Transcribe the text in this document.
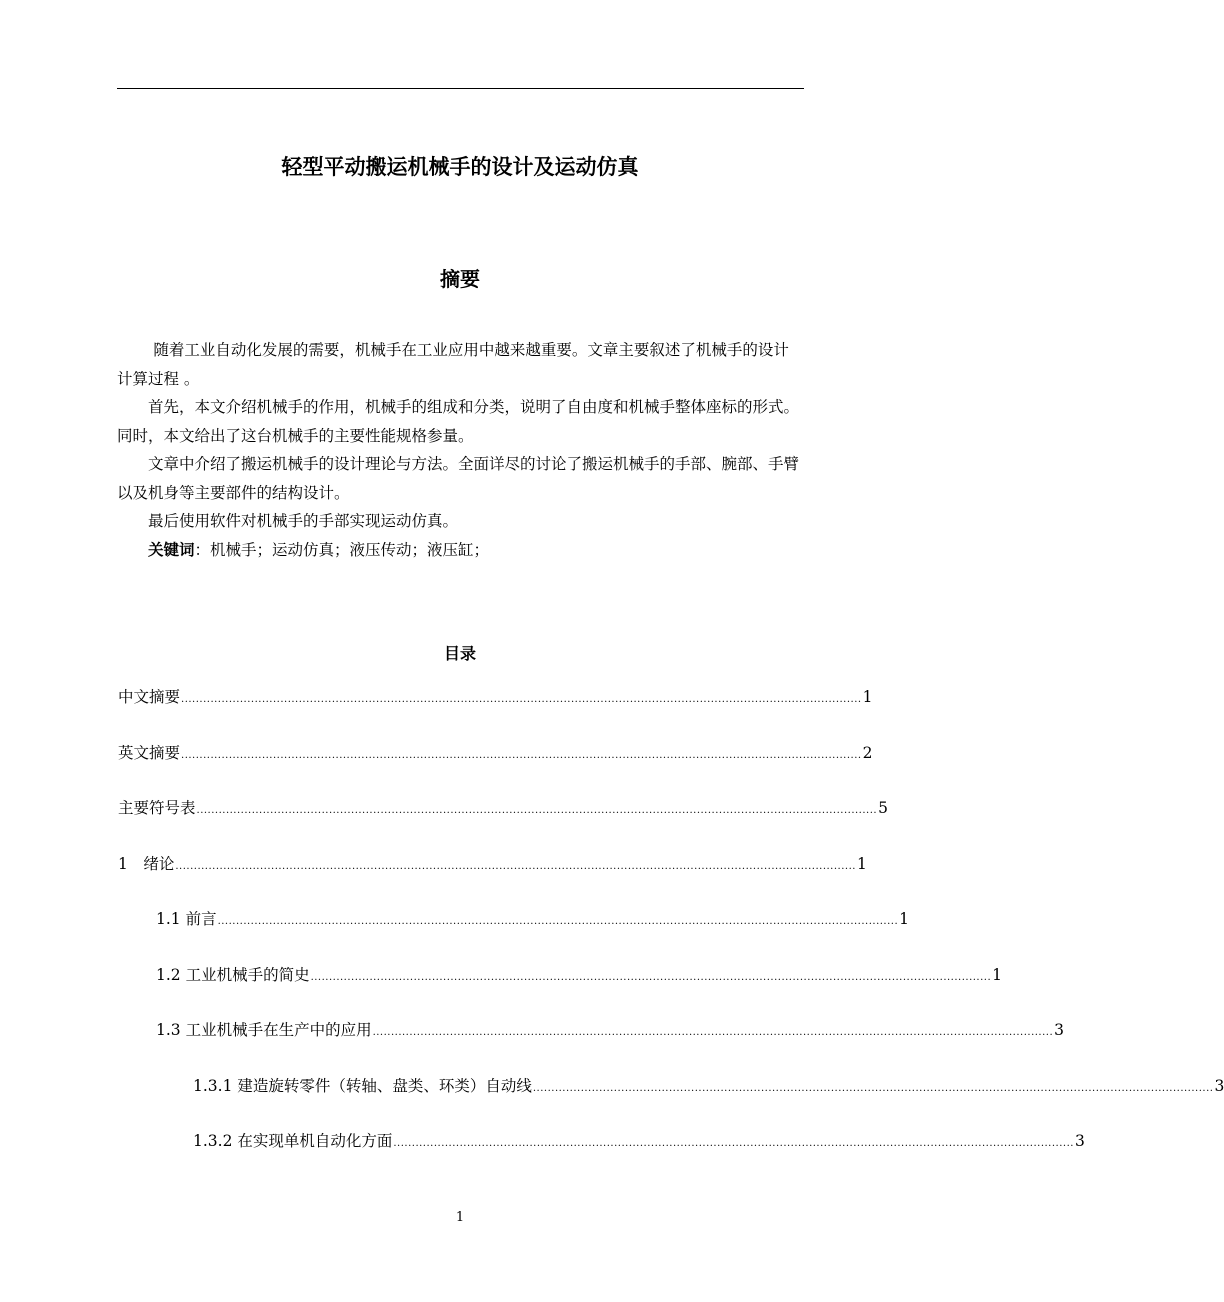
轻型平动搬运机械手的设计及运动仿真
摘要

随着工业自动化发展的需要，机械手在工业应用中越来越重要。文章主要叙述了机械手的设计计算过程 。

首先，本文介绍机械手的作用，机械手的组成和分类，说明了自由度和机械手整体座标的形式。同时，本文给出了这台机械手的主要性能规格参量。

文章中介绍了搬运机械手的设计理论与方法。全面详尽的讨论了搬运机械手的手部、腕部、手臂以及机身等主要部件的结构设计。

最后使用软件对机械手的手部实现运动仿真。

关键词：机械手；运动仿真；液压传动；液压缸；

目录
中文摘要 ......................................................................................................................................................................................... 1
英文摘要 ......................................................................................................................................................................................... 2
主要符号表 ......................................................................................................................................................................................... 5
1　绪论 ......................................................................................................................................................................................... 1
1.1 前言 ......................................................................................................................................................................................... 1
1.2 工业机械手的简史 ......................................................................................................................................................................................... 1
1.3 工业机械手在生产中的应用 ......................................................................................................................................................................................... 3
1.3.1 建造旋转零件（转轴、盘类、环类）自动线 ......................................................................................................................................................................................... 3
1.3.2 在实现单机自动化方面 ......................................................................................................................................................................................... 3
1
